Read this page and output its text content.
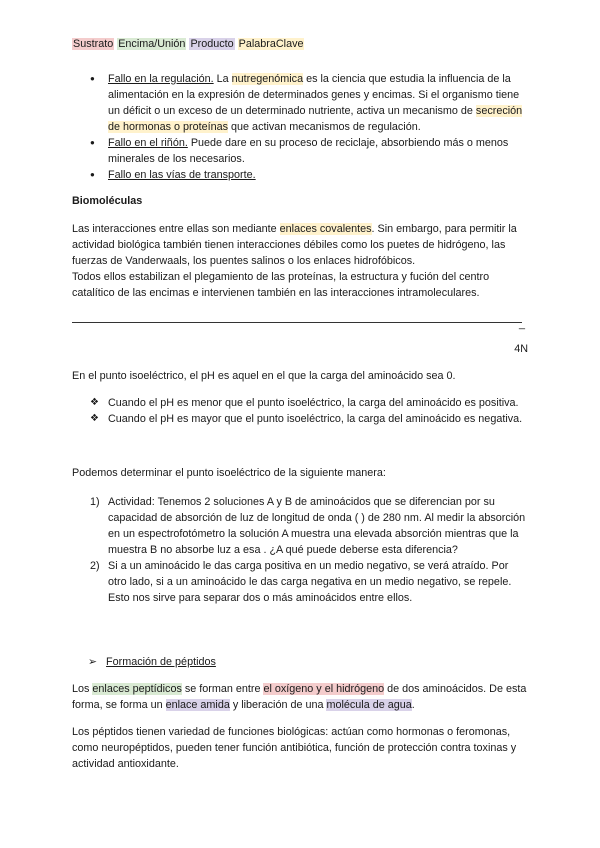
Sustrato Encima/Unión Producto PalabraClave
● Fallo en la regulación. La nutregenómica es la ciencia que estudia la influencia de la alimentación en la expresión de determinados genes y encimas. Si el organismo tiene un déficit o un exceso de un determinado nutriente, activa un mecanismo de secreción de hormonas o proteínas que activan mecanismos de regulación.
● Fallo en el riñón. Puede dare en su proceso de reciclaje, absorbiendo más o menos minerales de los necesarios.
● Fallo en las vías de transporte.
Biomoléculas
Las interacciones entre ellas son mediante enlaces covalentes. Sin embargo, para permitir la actividad biológica también tienen interacciones débiles como los puetes de hidrógeno, las fuerzas de Vanderwaals, los puentes salinos o los enlaces hidrofóbicos.
Todos ellos estabilizan el plegamiento de las proteínas, la estructura y fución del centro catalítico de las encimas e intervienen también en las interacciones intramoleculares.
_
4N
En el punto isoeléctrico, el pH es aquel en el que la carga del aminoácido sea 0.
❖ Cuando el pH es menor que el punto isoeléctrico, la carga del aminoácido es positiva.
❖ Cuando el pH es mayor que el punto isoeléctrico, la carga del aminoácido es negativa.
Podemos determinar el punto isoeléctrico de la siguiente manera:
1) Actividad: Tenemos 2 soluciones A y B de aminoácidos que se diferencian por su capacidad de absorción de luz de longitud de onda ( ) de 280 nm. Al medir la absorción en un espectrofotómetro la solución A muestra una elevada absorción mientras que la muestra B no absorbe luz a esa . ¿A qué puede deberse esta diferencia?
2) Si a un aminoácido le das carga positiva en un medio negativo, se verá atraído. Por otro lado, si a un aminoácido le das carga negativa en un medio negativo, se repele. Esto nos sirve para separar dos o más aminoácidos entre ellos.
➢ Formación de péptidos
Los enlaces peptídicos se forman entre el oxígeno y el hidrógeno de dos aminoácidos. De esta forma, se forma un enlace amida y liberación de una molécula de agua.
Los péptidos tienen variedad de funciones biológicas: actúan como hormonas o feromonas, como neuropéptidos, pueden tener función antibiótica, función de protección contra toxinas y actividad antioxidante.
